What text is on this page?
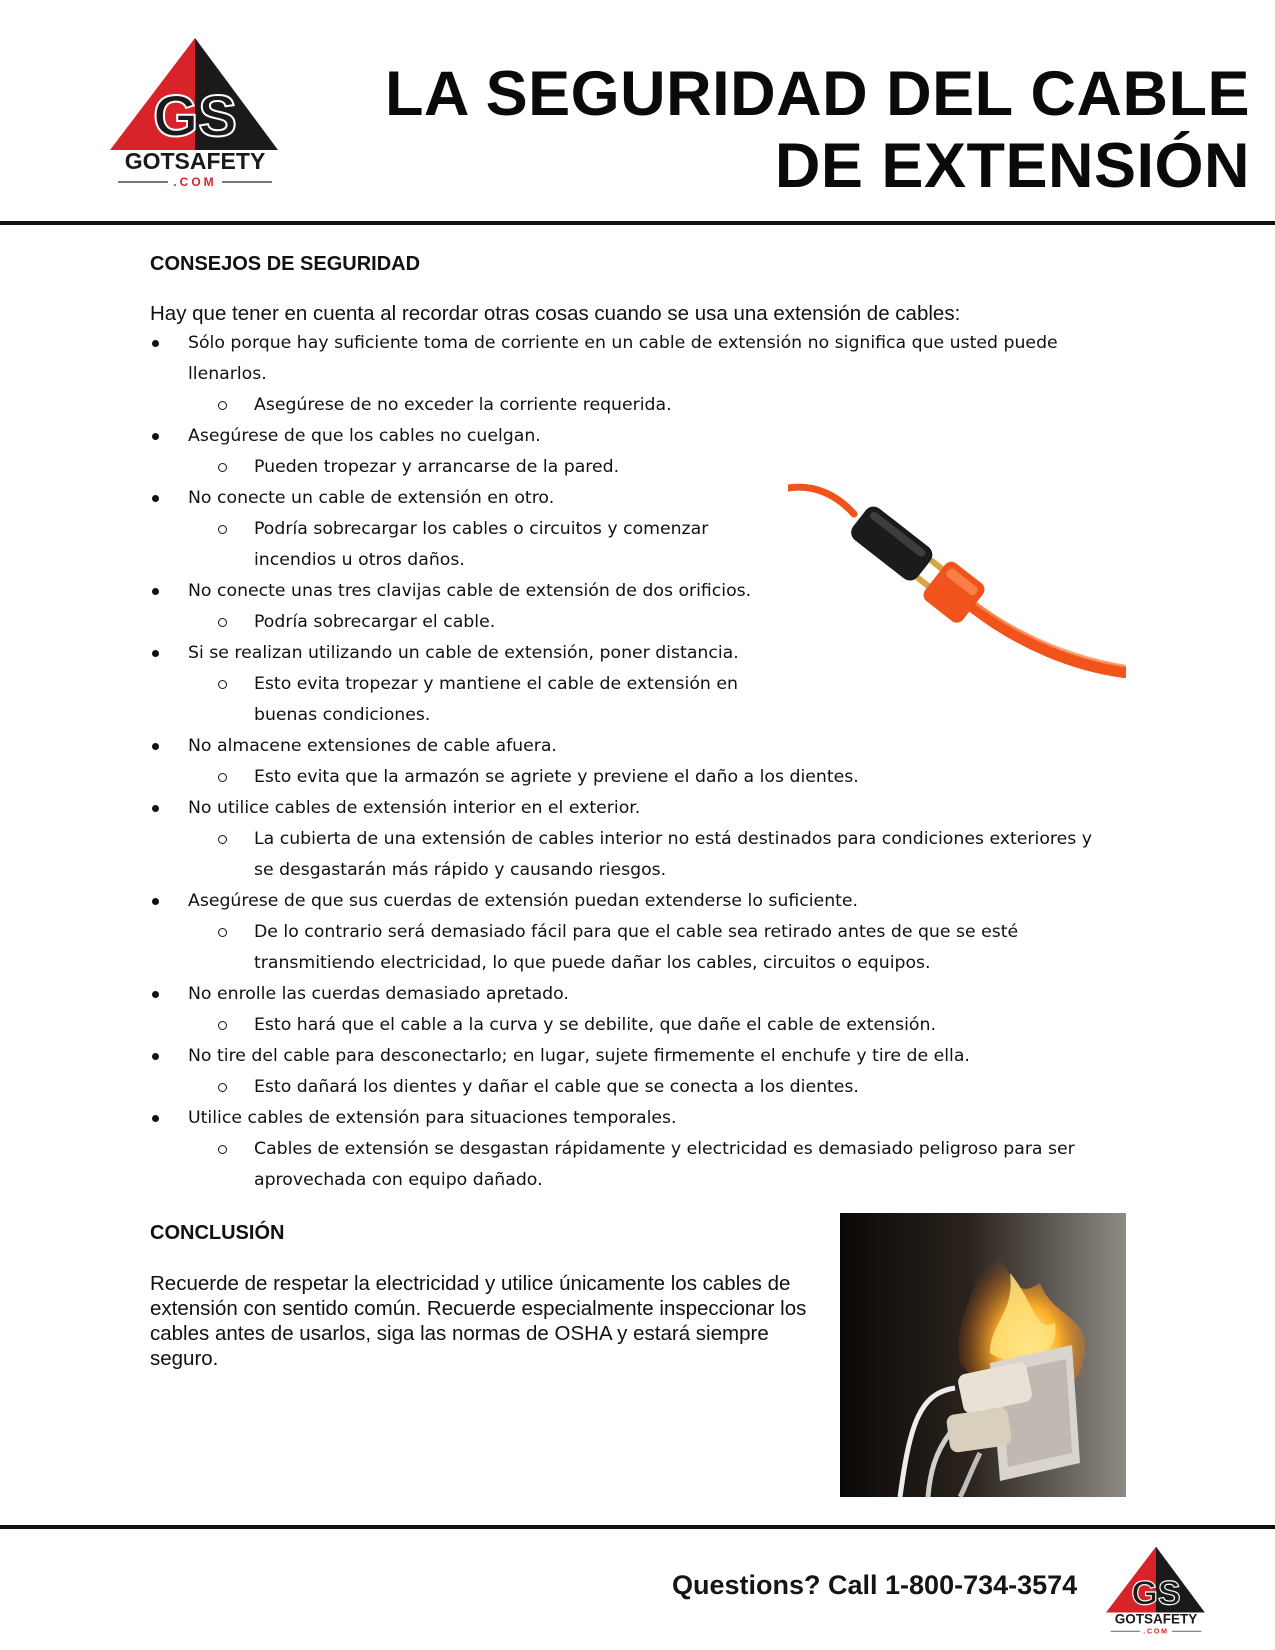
GS
GOTSAFETY
.COM
LA SEGURIDAD DEL CABLE
DE EXTENSIÓN
CONSEJOS DE SEGURIDAD
Hay que tener en cuenta al recordar otras cosas cuando se usa una extensión de cables:
Sólo porque hay suficiente toma de corriente en un cable de extensión no significa que usted puede llenarlos.
Asegúrese de no exceder la corriente requerida.
Asegúrese de que los cables no cuelgan.
Pueden tropezar y arrancarse de la pared.
No conecte un cable de extensión en otro.
Podría sobrecargar los cables o circuitos y comenzar incendios u otros daños.
No conecte unas tres clavijas cable de extensión de dos orificios.
Podría sobrecargar el cable.
Si se realizan utilizando un cable de extensión, poner distancia.
Esto evita tropezar y mantiene el cable de extensión en buenas condiciones.
No almacene extensiones de cable afuera.
Esto evita que la armazón se agriete y previene el daño a los dientes.
No utilice cables de extensión interior en el exterior.
La cubierta de una extensión de cables interior no está destinados para condiciones exteriores y se desgastarán más rápido y causando riesgos.
Asegúrese de que sus cuerdas de extensión puedan extenderse lo suficiente.
De lo contrario será demasiado fácil para que el cable sea retirado antes de que se esté transmitiendo electricidad, lo que puede dañar los cables, circuitos o equipos.
No enrolle las cuerdas demasiado apretado.
Esto hará que el cable a la curva y se debilite, que dañe el cable de extensión.
No tire del cable para desconectarlo; en lugar, sujete firmemente el enchufe y tire de ella.
Esto dañará los dientes y dañar el cable que se conecta a los dientes.
Utilice cables de extensión para situaciones temporales.
Cables de extensión se desgastan rápidamente y electricidad es demasiado peligroso para ser aprovechada con equipo dañado.
CONCLUSIÓN
Recuerde de respetar la electricidad y utilice únicamente los cables de extensión con sentido común. Recuerde especialmente inspeccionar los cables antes de usarlos, siga las normas de OSHA y estará siempre seguro.
Questions? Call 1-800-734-3574 GS
GOTSAFETY
.COM
